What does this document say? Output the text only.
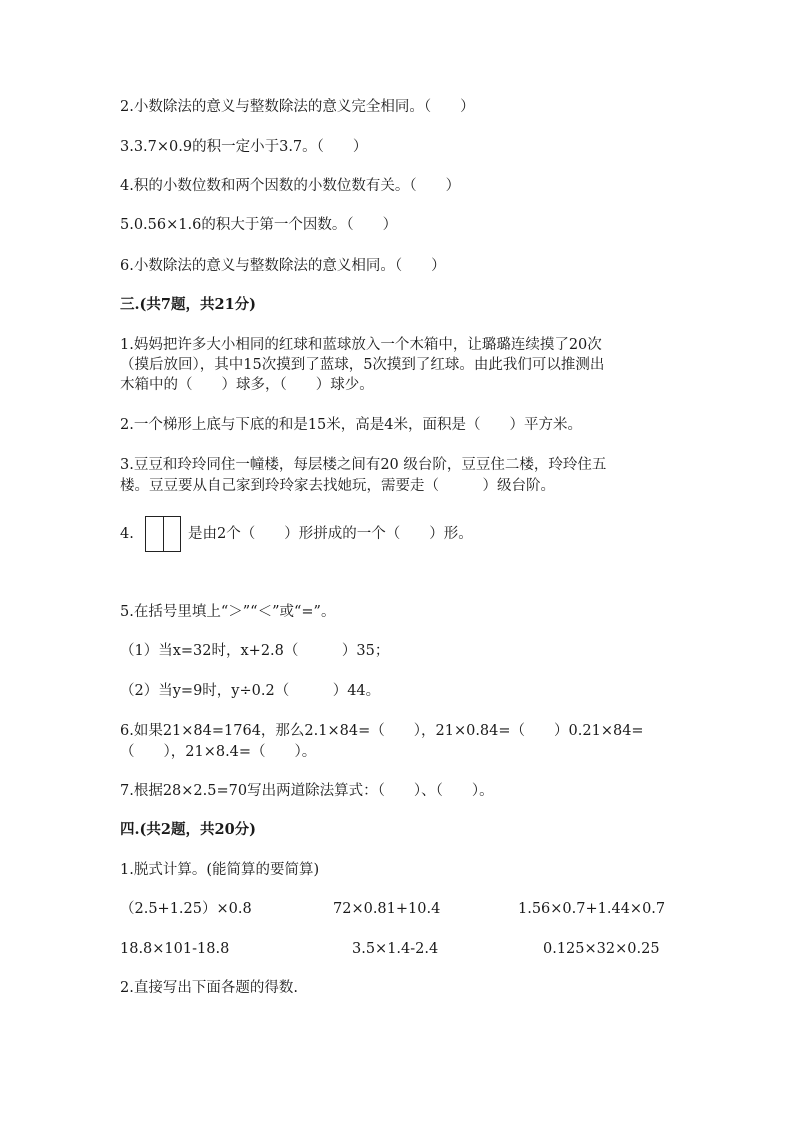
2.小数除法的意义与整数除法的意义完全相同。（　　）
3.3.7×0.9的积一定小于3.7。（　　）
4.积的小数位数和两个因数的小数位数有关。（　　）
5.0.56×1.6的积大于第一个因数。（　　）
6.小数除法的意义与整数除法的意义相同。（　　）
三.(共7题，共21分)
1.妈妈把许多大小相同的红球和蓝球放入一个木箱中，让璐璐连续摸了20次
（摸后放回），其中15次摸到了蓝球，5次摸到了红球。由此我们可以推测出
木箱中的（　　）球多，（　　）球少。
2.一个梯形上底与下底的和是15米，高是4米，面积是（　　）平方米。
3.豆豆和玲玲同住一幢楼，每层楼之间有20 级台阶，豆豆住二楼，玲玲住五
楼。豆豆要从自己家到玲玲家去找她玩，需要走（　　　）级台阶。
4.	是由2个（　　）形拼成的一个（　　）形。
5.在括号里填上“＞”“＜”或“=”。
（1）当x=32时，x+2.8（　　　）35；
（2）当y=9时，y÷0.2（　　　）44。
6.如果21×84=1764，那么2.1×84=（　　），21×0.84=（　　）0.21×84=
（　　），21×8.4=（　　）。
7.根据28×2.5=70写出两道除法算式：（　　）、（　　）。
四.(共2题，共20分)
1.脱式计算。(能简算的要简算)
（2.5+1.25）×0.8	72×0.81+10.4	1.56×0.7+1.44×0.7
18.8×101-18.8	3.5×1.4-2.4	0.125×32×0.25
2.直接写出下面各题的得数.
